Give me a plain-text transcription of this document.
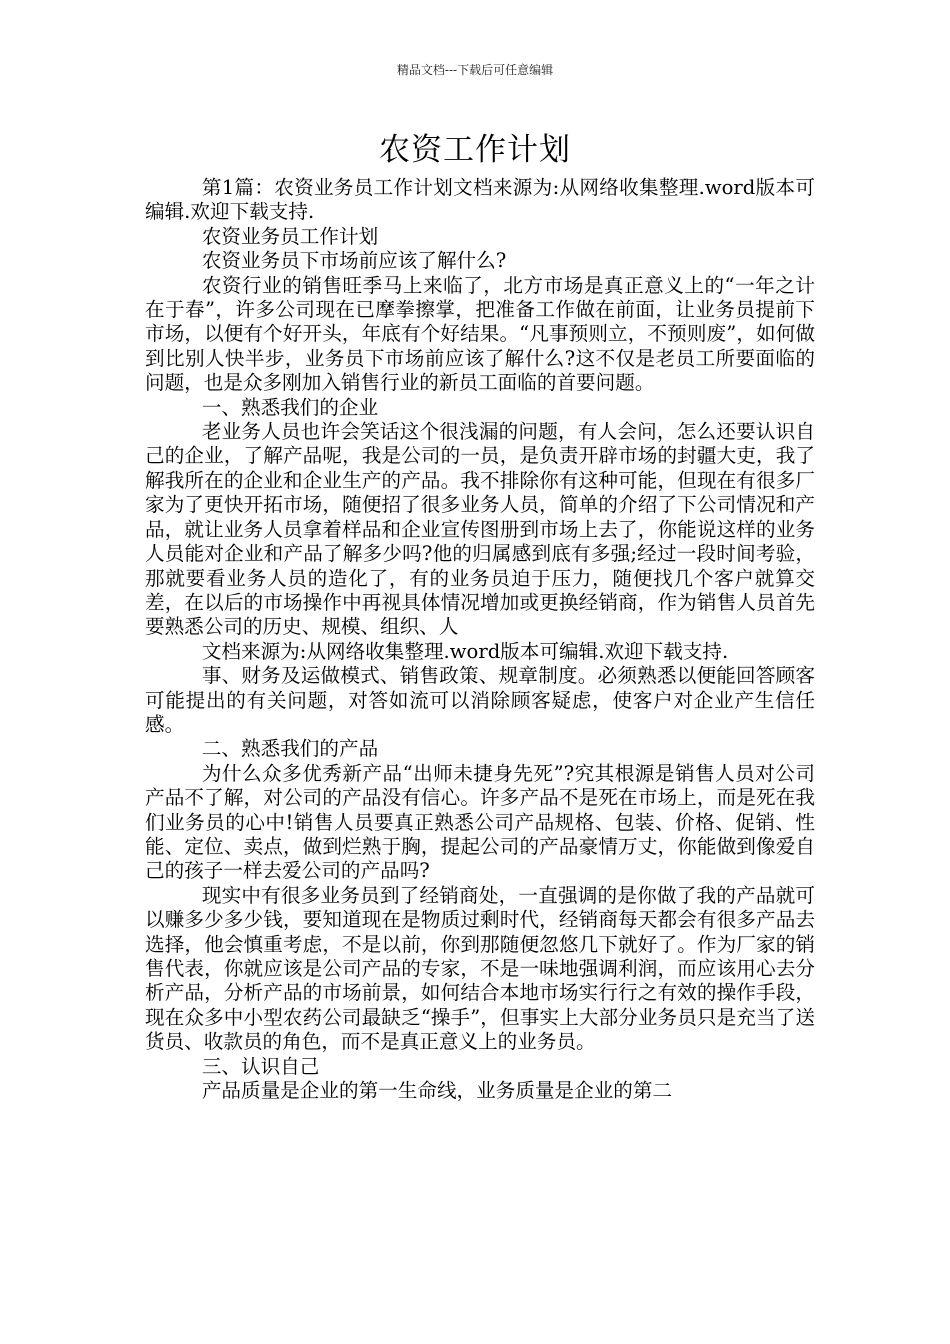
精品文档---下载后可任意编辑
农资工作计划

第1篇：农资业务员工作计划文档来源为:从网络收集整理.word版本可编辑.欢迎下载支持.

农资业务员工作计划

农资业务员下市场前应该了解什么?

农资行业的销售旺季马上来临了，北方市场是真正意义上的“一年之计在于春”，许多公司现在已摩拳擦掌，把准备工作做在前面，让业务员提前下市场，以便有个好开头，年底有个好结果。“凡事预则立，不预则废”，如何做到比别人快半步，业务员下市场前应该了解什么?这不仅是老员工所要面临的问题，也是众多刚加入销售行业的新员工面临的首要问题。

一、熟悉我们的企业

老业务人员也许会笑话这个很浅漏的问题，有人会问，怎么还要认识自己的企业，了解产品呢，我是公司的一员，是负责开辟市场的封疆大吏，我了解我所在的企业和企业生产的产品。我不排除你有这种可能，但现在有很多厂家为了更快开拓市场，随便招了很多业务人员，简单的介绍了下公司情况和产品，就让业务人员拿着样品和企业宣传图册到市场上去了，你能说这样的业务人员能对企业和产品了解多少吗?他的归属感到底有多强;经过一段时间考验，那就要看业务人员的造化了，有的业务员迫于压力，随便找几个客户就算交差，在以后的市场操作中再视具体情况增加或更换经销商，作为销售人员首先要熟悉公司的历史、规模、组织、人

文档来源为:从网络收集整理.word版本可编辑.欢迎下载支持.

事、财务及运做模式、销售政策、规章制度。必须熟悉以便能回答顾客可能提出的有关问题，对答如流可以消除顾客疑虑，使客户对企业产生信任感。

二、熟悉我们的产品

为什么众多优秀新产品“出师未捷身先死”?究其根源是销售人员对公司产品不了解，对公司的产品没有信心。许多产品不是死在市场上，而是死在我们业务员的心中!销售人员要真正熟悉公司产品规格、包装、价格、促销、性能、定位、卖点，做到烂熟于胸，提起公司的产品豪情万丈，你能做到像爱自己的孩子一样去爱公司的产品吗?

现实中有很多业务员到了经销商处，一直强调的是你做了我的产品就可以赚多少多少钱，要知道现在是物质过剩时代，经销商每天都会有很多产品去选择，他会慎重考虑，不是以前，你到那随便忽悠几下就好了。作为厂家的销售代表，你就应该是公司产品的专家，不是一味地强调利润，而应该用心去分析产品，分析产品的市场前景，如何结合本地市场实行行之有效的操作手段，现在众多中小型农药公司最缺乏“操手”，但事实上大部分业务员只是充当了送货员、收款员的角色，而不是真正意义上的业务员。

三、认识自己

产品质量是企业的第一生命线，业务质量是企业的第二
